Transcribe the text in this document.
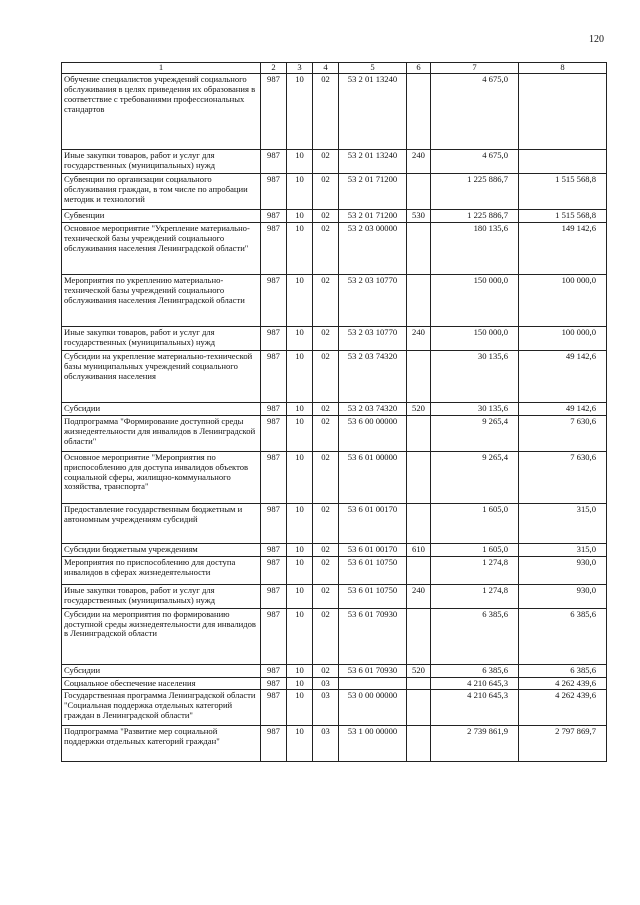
120
1	2	3	4	5	6	7	8
Обучение специалистов учреждений социального обслуживания в целях приведения их образования в соответствие с требованиями профессиональных стандартов	987	10	02	53 2 01 13240		4 675,0	
Иные закупки товаров, работ и услуг для государственных (муниципальных) нужд	987	10	02	53 2 01 13240	240	4 675,0	
Субвенции по организации социального обслуживания граждан, в том числе по апробации методик и технологий	987	10	02	53 2 01 71200		1 225 886,7	1 515 568,8
Субвенции	987	10	02	53 2 01 71200	530	1 225 886,7	1 515 568,8
Основное мероприятие "Укрепление материально- технической базы учреждений социального обслуживания населения Ленинградской области"	987	10	02	53 2 03 00000		180 135,6	149 142,6
Мероприятия по укреплению материально-технической базы учреждений социального обслуживания населения Ленинградской области	987	10	02	53 2 03 10770		150 000,0	100 000,0
Иные закупки товаров, работ и услуг для государственных (муниципальных) нужд	987	10	02	53 2 03 10770	240	150 000,0	100 000,0
Субсидии на укрепление материально-технической базы муниципальных учреждений социального обслуживания населения	987	10	02	53 2 03 74320		30 135,6	49 142,6
Субсидии	987	10	02	53 2 03 74320	520	30 135,6	49 142,6
Подпрограмма "Формирование доступной среды жизнедеятельности для инвалидов в Ленинградской области"	987	10	02	53 6 00 00000		9 265,4	7 630,6
Основное мероприятие "Мероприятия по приспособлению для доступа инвалидов объектов социальной сферы, жилищно-коммунального хозяйства, транспорта"	987	10	02	53 6 01 00000		9 265,4	7 630,6
Предоставление государственным бюджетным и автономным учреждениям субсидий	987	10	02	53 6 01 00170		1 605,0	315,0
Субсидии бюджетным учреждениям	987	10	02	53 6 01 00170	610	1 605,0	315,0
Мероприятия по приспособлению для доступа инвалидов в сферах жизнедеятельности	987	10	02	53 6 01 10750		1 274,8	930,0
Иные закупки товаров, работ и услуг для государственных (муниципальных) нужд	987	10	02	53 6 01 10750	240	1 274,8	930,0
Субсидии на мероприятия по формированию доступной среды жизнедеятельности для инвалидов в Ленинградской области	987	10	02	53 6 01 70930		6 385,6	6 385,6
Субсидии	987	10	02	53 6 01 70930	520	6 385,6	6 385,6
Социальное обеспечение населения	987	10	03			4 210 645,3	4 262 439,6
Государственная программа Ленинградской области "Социальная поддержка отдельных категорий граждан в Ленинградской области"	987	10	03	53 0 00 00000		4 210 645,3	4 262 439,6
Подпрограмма "Развитие мер социальной поддержки отдельных категорий граждан"	987	10	03	53 1 00 00000		2 739 861,9	2 797 869,7
